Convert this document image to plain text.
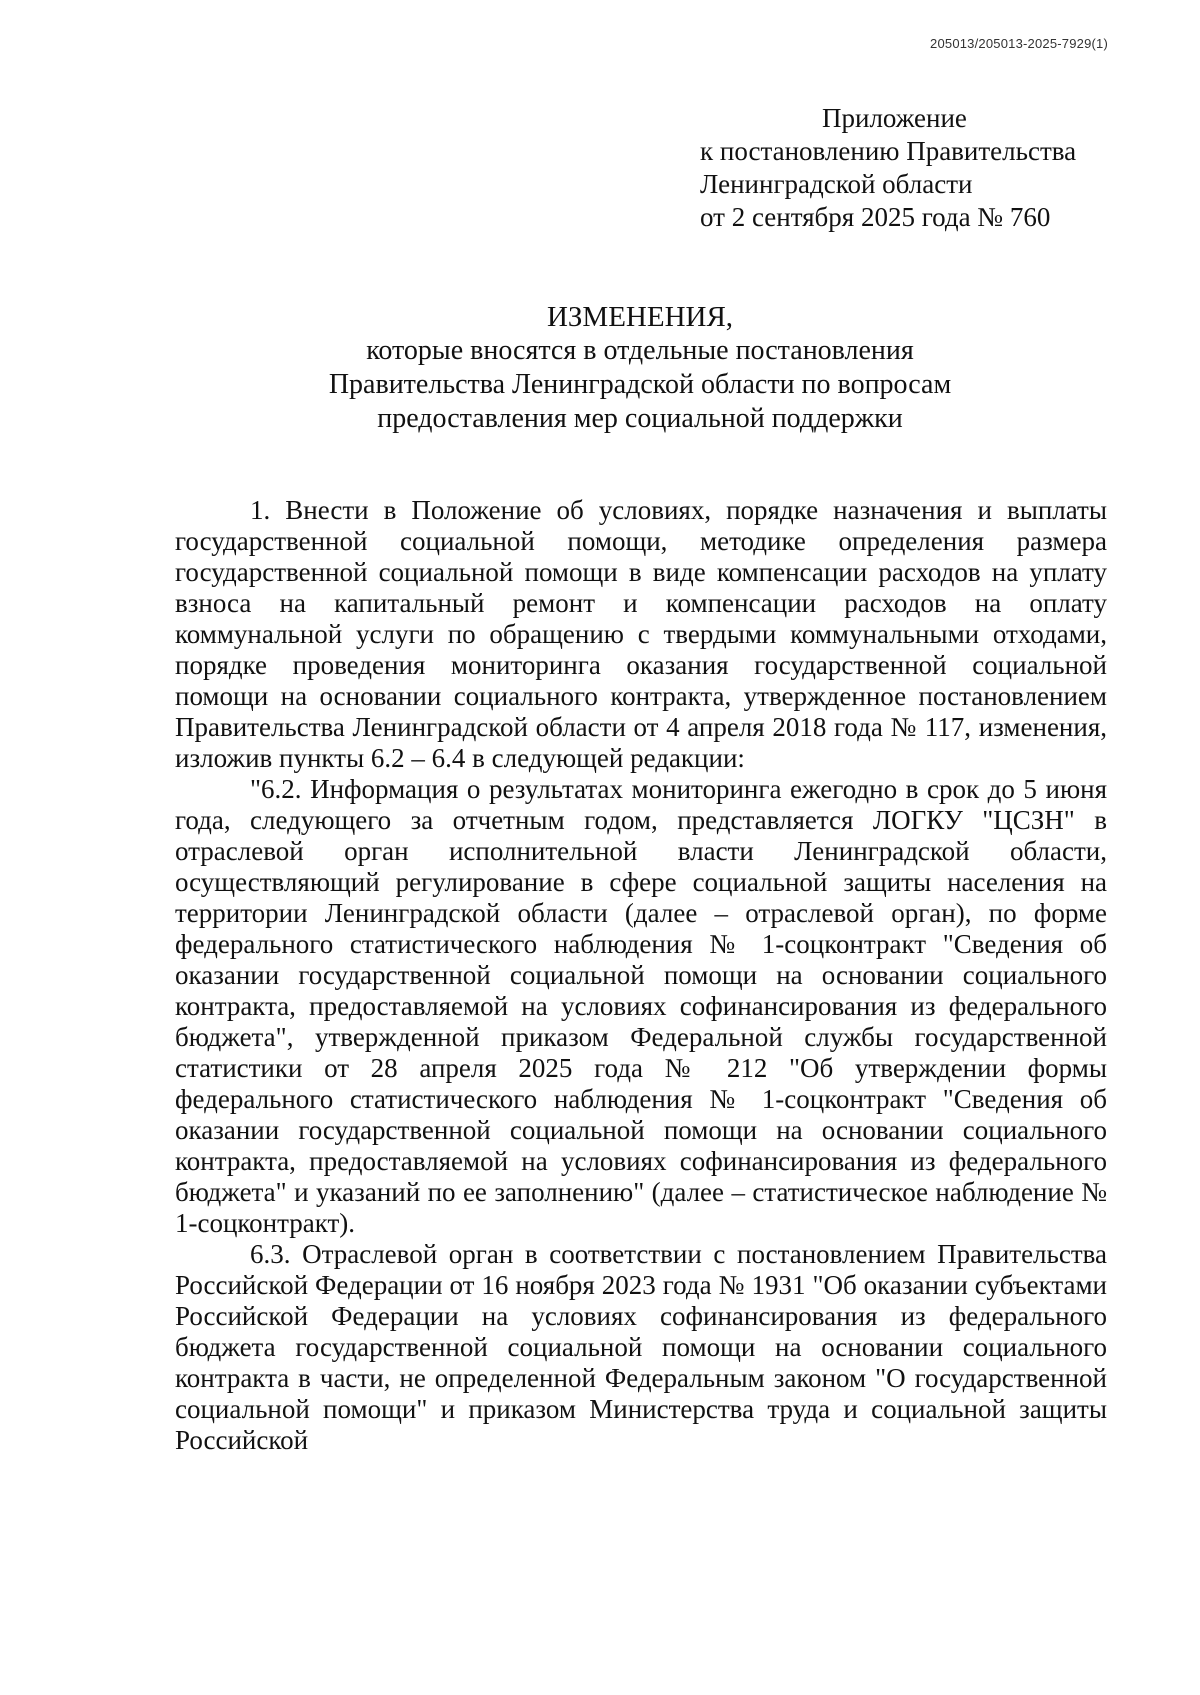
205013/205013-2025-7929(1)
Приложение
к постановлению Правительства
Ленинградской области
от 2 сентября 2025 года № 760
ИЗМЕНЕНИЯ,
которые вносятся в отдельные постановления
Правительства Ленинградской области по вопросам
предоставления мер социальной поддержки

1. Внести в Положение об условиях, порядке назначения и выплаты государственной социальной помощи, методике определения размера государственной социальной помощи в виде компенсации расходов на уплату взноса на капитальный ремонт и компенсации расходов на оплату коммунальной услуги по обращению с твердыми коммунальными отходами, порядке проведения мониторинга оказания государственной социальной помощи на основании социального контракта, утвержденное постановлением Правительства Ленинградской области от 4 апреля 2018 года № 117, изменения, изложив пункты 6.2 – 6.4 в следующей редакции:

"6.2. Информация о результатах мониторинга ежегодно в срок до 5 июня года, следующего за отчетным годом, представляется ЛОГКУ "ЦСЗН" в отраслевой орган исполнительной власти Ленинградской области, осуществляющий регулирование в сфере социальной защиты населения на территории Ленинградской области (далее – отраслевой орган), по форме федерального статистического наблюдения № 1-соцконтракт "Сведения об оказании государственной социальной помощи на основании социального контракта, предоставляемой на условиях софинансирования из федерального бюджета", утвержденной приказом Федеральной службы государственной статистики от 28 апреля 2025 года № 212 "Об утверждении формы федерального статистического наблюдения № 1-соцконтракт "Сведения об оказании государственной социальной помощи на основании социального контракта, предоставляемой на условиях софинансирования из федерального бюджета" и указаний по ее заполнению" (далее – статистическое наблюдение № 1-соцконтракт).

6.3. Отраслевой орган в соответствии с постановлением Правительства Российской Федерации от 16 ноября 2023 года № 1931 "Об оказании субъектами Российской Федерации на условиях софинансирования из федерального бюджета государственной социальной помощи на основании социального контракта в части, не определенной Федеральным законом "О государственной социальной помощи" и приказом Министерства труда и социальной защиты Российской
